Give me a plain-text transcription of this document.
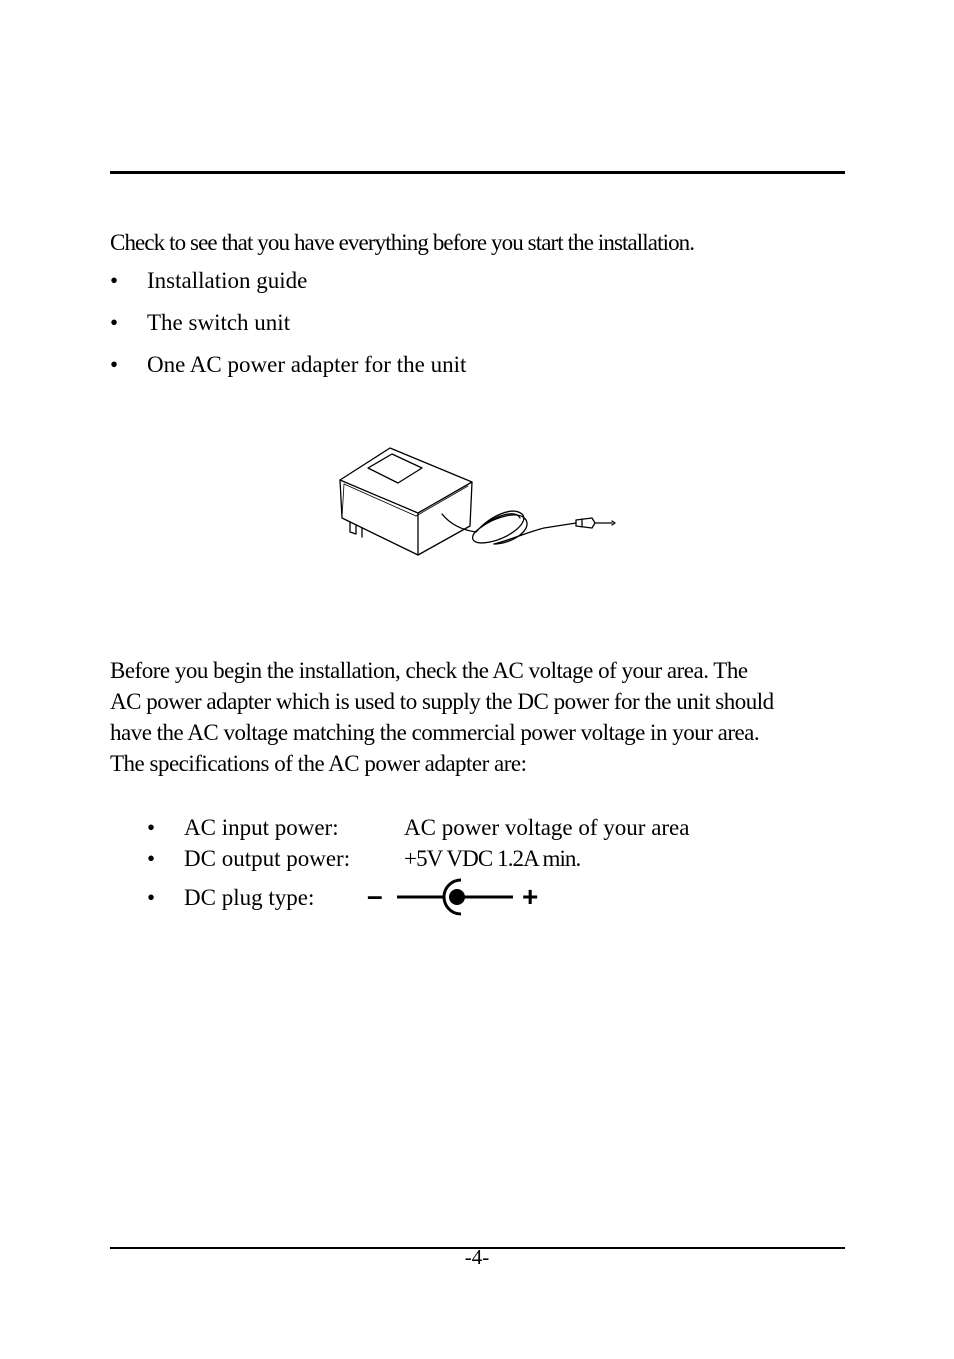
Check to see that you have everything before you start the installation.
• Installation guide
• The switch unit
• One AC power adapter for the unit
Before you begin the installation, check the AC voltage of your area. The
AC power adapter which is used to supply the DC power for the unit should
have the AC voltage matching the commercial power voltage in your area.
The specifications of the AC power adapter are:
• AC input power:	AC power voltage of your area
• DC output power: +5V VDC 1.2A min.
• DC plug type: –	+
-4-
